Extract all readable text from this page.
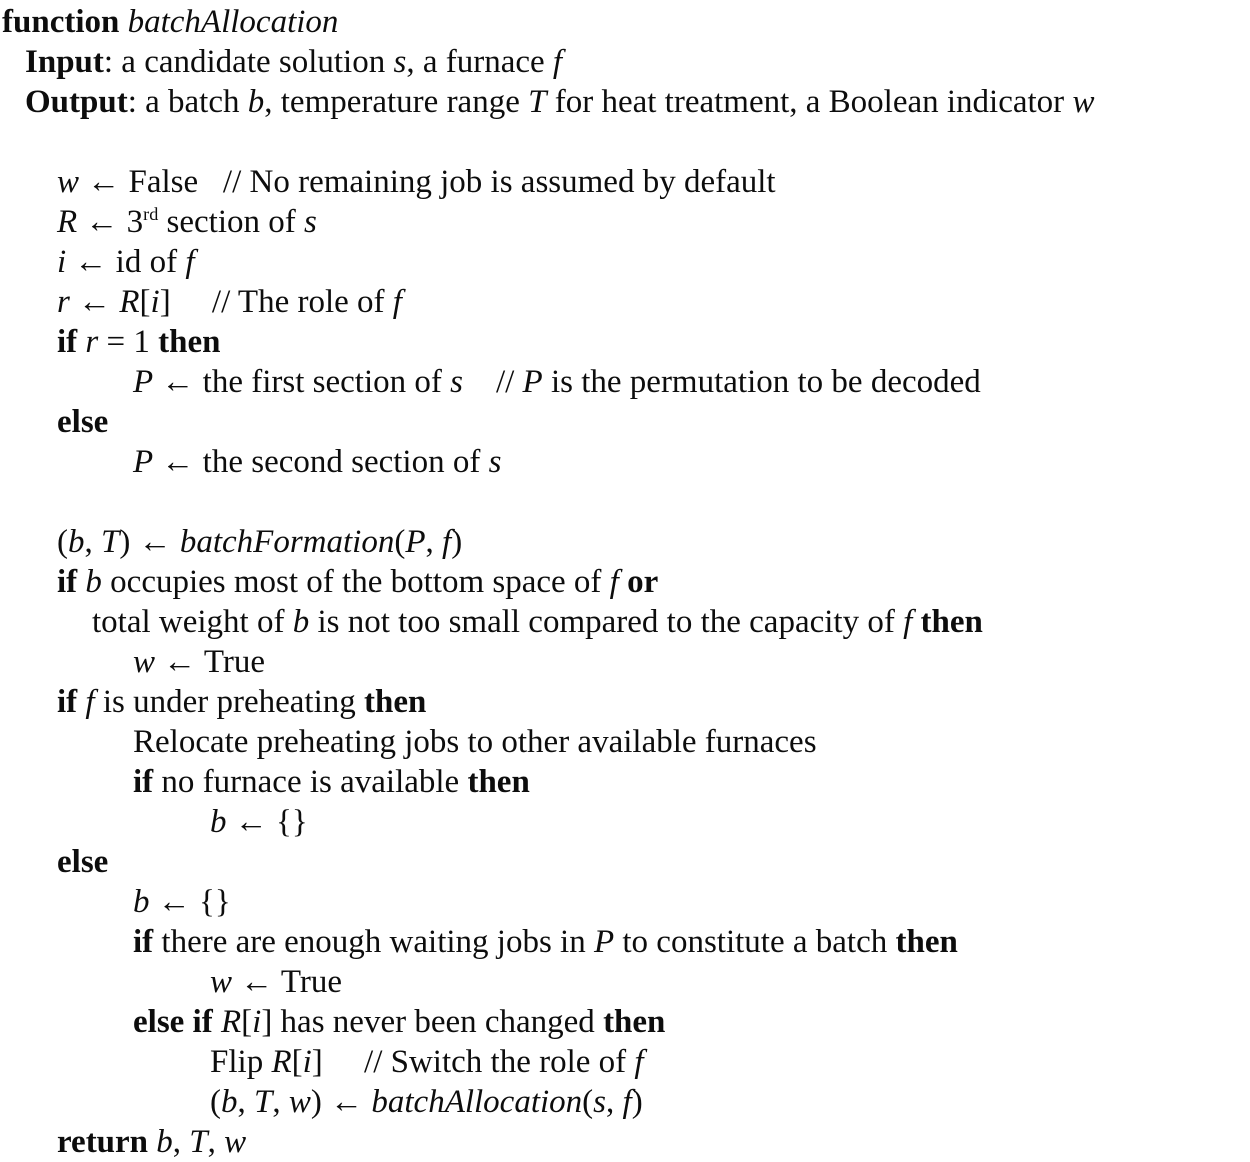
function batchAllocation
Input: a candidate solution s, a furnace f
Output: a batch b, temperature range T for heat treatment, a Boolean indicator w

w ← False   // No remaining job is assumed by default
R ← 3rd section of s
i ← id of f
r ← R[i]     // The role of f
if r = 1 then
P ← the first section of s    // P is the permutation to be decoded
else
P ← the second section of s

(b, T) ← batchFormation(P, f)
if b occupies most of the bottom space of f or
total weight of b is not too small compared to the capacity of f then
w ← True
if f is under preheating then
Relocate preheating jobs to other available furnaces
if no furnace is available then
b ← {}
else
b ← {}
if there are enough waiting jobs in P to constitute a batch then
w ← True
else if R[i] has never been changed then
Flip R[i]     // Switch the role of f
(b, T, w) ← batchAllocation(s, f)
return b, T, w
